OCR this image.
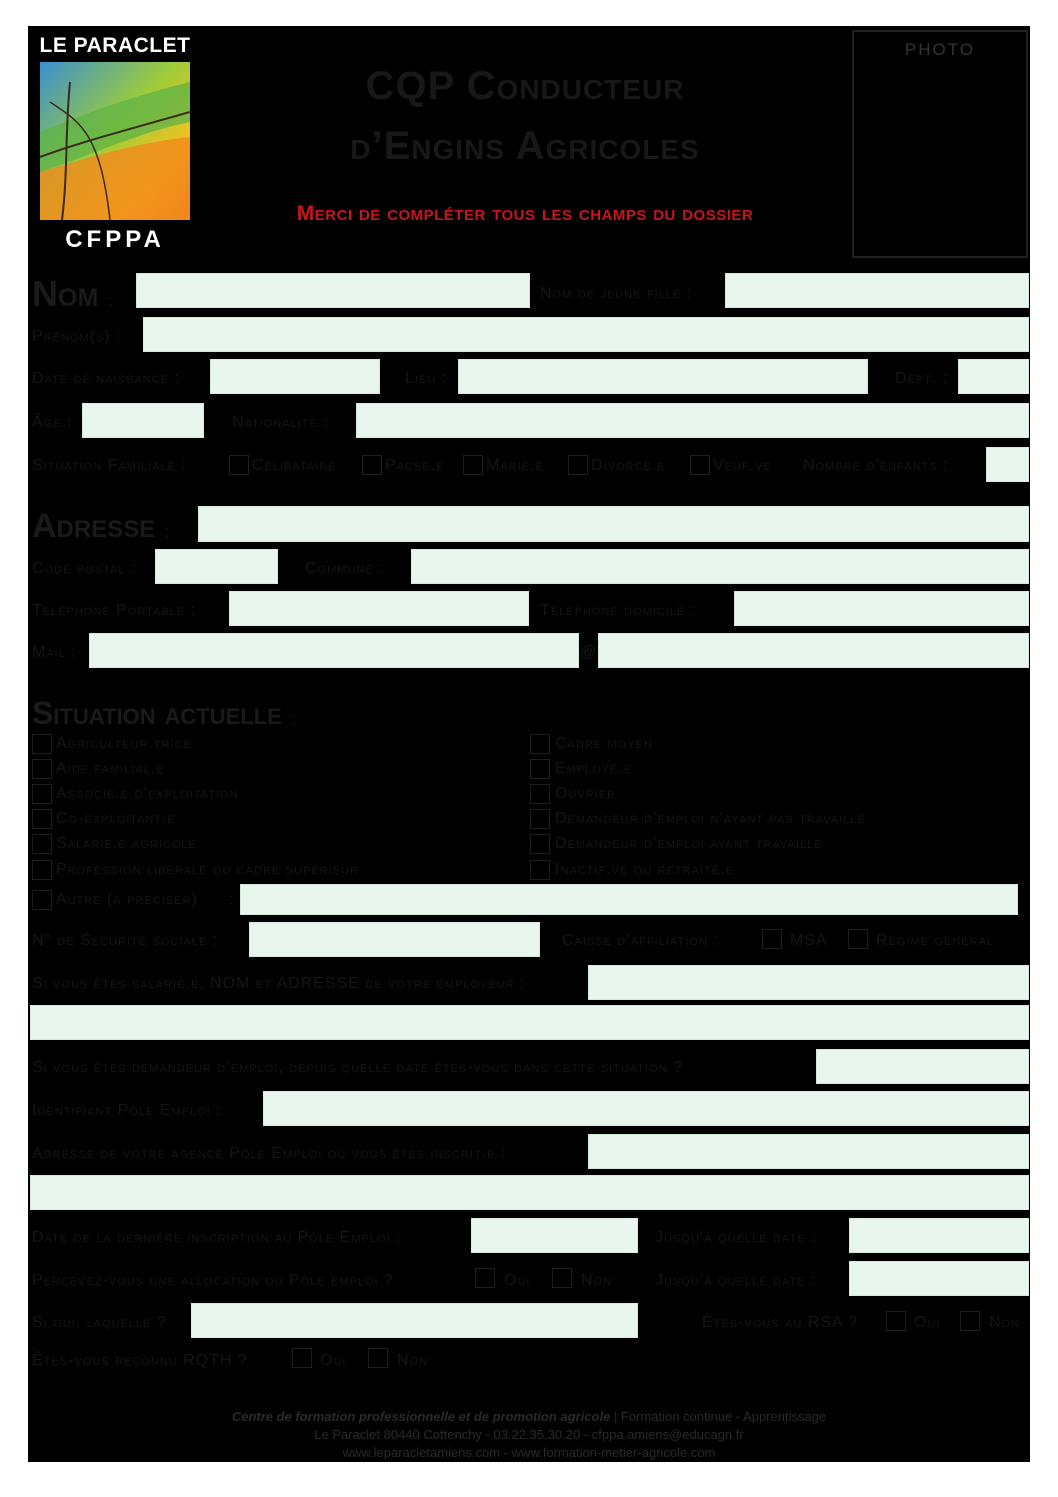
LE PARACLET
CFPPA
CQP Conducteur
d’Engins Agricoles
Merci de compléter tous les champs du dossier
PHOTO
Nom :	Nom de jeune fille :
Prénom(s) :
Date de naissance :	Lieu :	Dépt. :
Âge :	Nationalité :
Situation Familiale :	Célibataire	Pacsé.e	Marié.e	Divorcé.e	Veuf.ve Nombre d’enfants :
Adresse :
Code postal :	Commune :
Téléphone Portable :	Téléphone domicile :
Mail :	@
Situation actuelle :
Agriculteur.trice
Aide familial.e
Associé.e d’exploitation
Co-exploitant.e
Salarié.e agricole
Profession libérale ou cadre supérieur
Cadre moyen
Employé.e
Ouvrier
Demandeur d’emploi n’ayant pas travaillé
Demandeur d’emploi ayant travaillé
Inactif.ve ou retraité.e
Autre (à préciser) :
N° de Sécurité sociale :	Caisse d’affiliation :	MSA	Régime général
Si vous êtes salarié.e, NOM et ADRESSE de votre employeur :
Si vous êtes demandeur d’emploi, depuis quelle date êtes-vous dans cette situation ?
Identifiant Pôle Emploi :
Adresse de votre agence Pôle Emploi où vous êtes inscrit.e :
Date de la dernière inscription au Pôle Emploi :	Jusqu’à quelle date :
Percevez-vous une allocation du Pôle emploi ?	Oui	Non	Jusqu’à quelle date :
Si oui, laquelle ?	Êtes-vous au RSA ?	Oui	Non
Êtes-vous reconnu RQTH ?	Oui	Non
Centre de formation professionnelle et de promotion agricole | Formation continue - Apprentissage
Le Paraclet 80440 Cottenchy - 03.22.35.30.20 - cfppa.amiens@educagri.fr
www.leparacletamiens.com - www.formation-metier-agricole.com
